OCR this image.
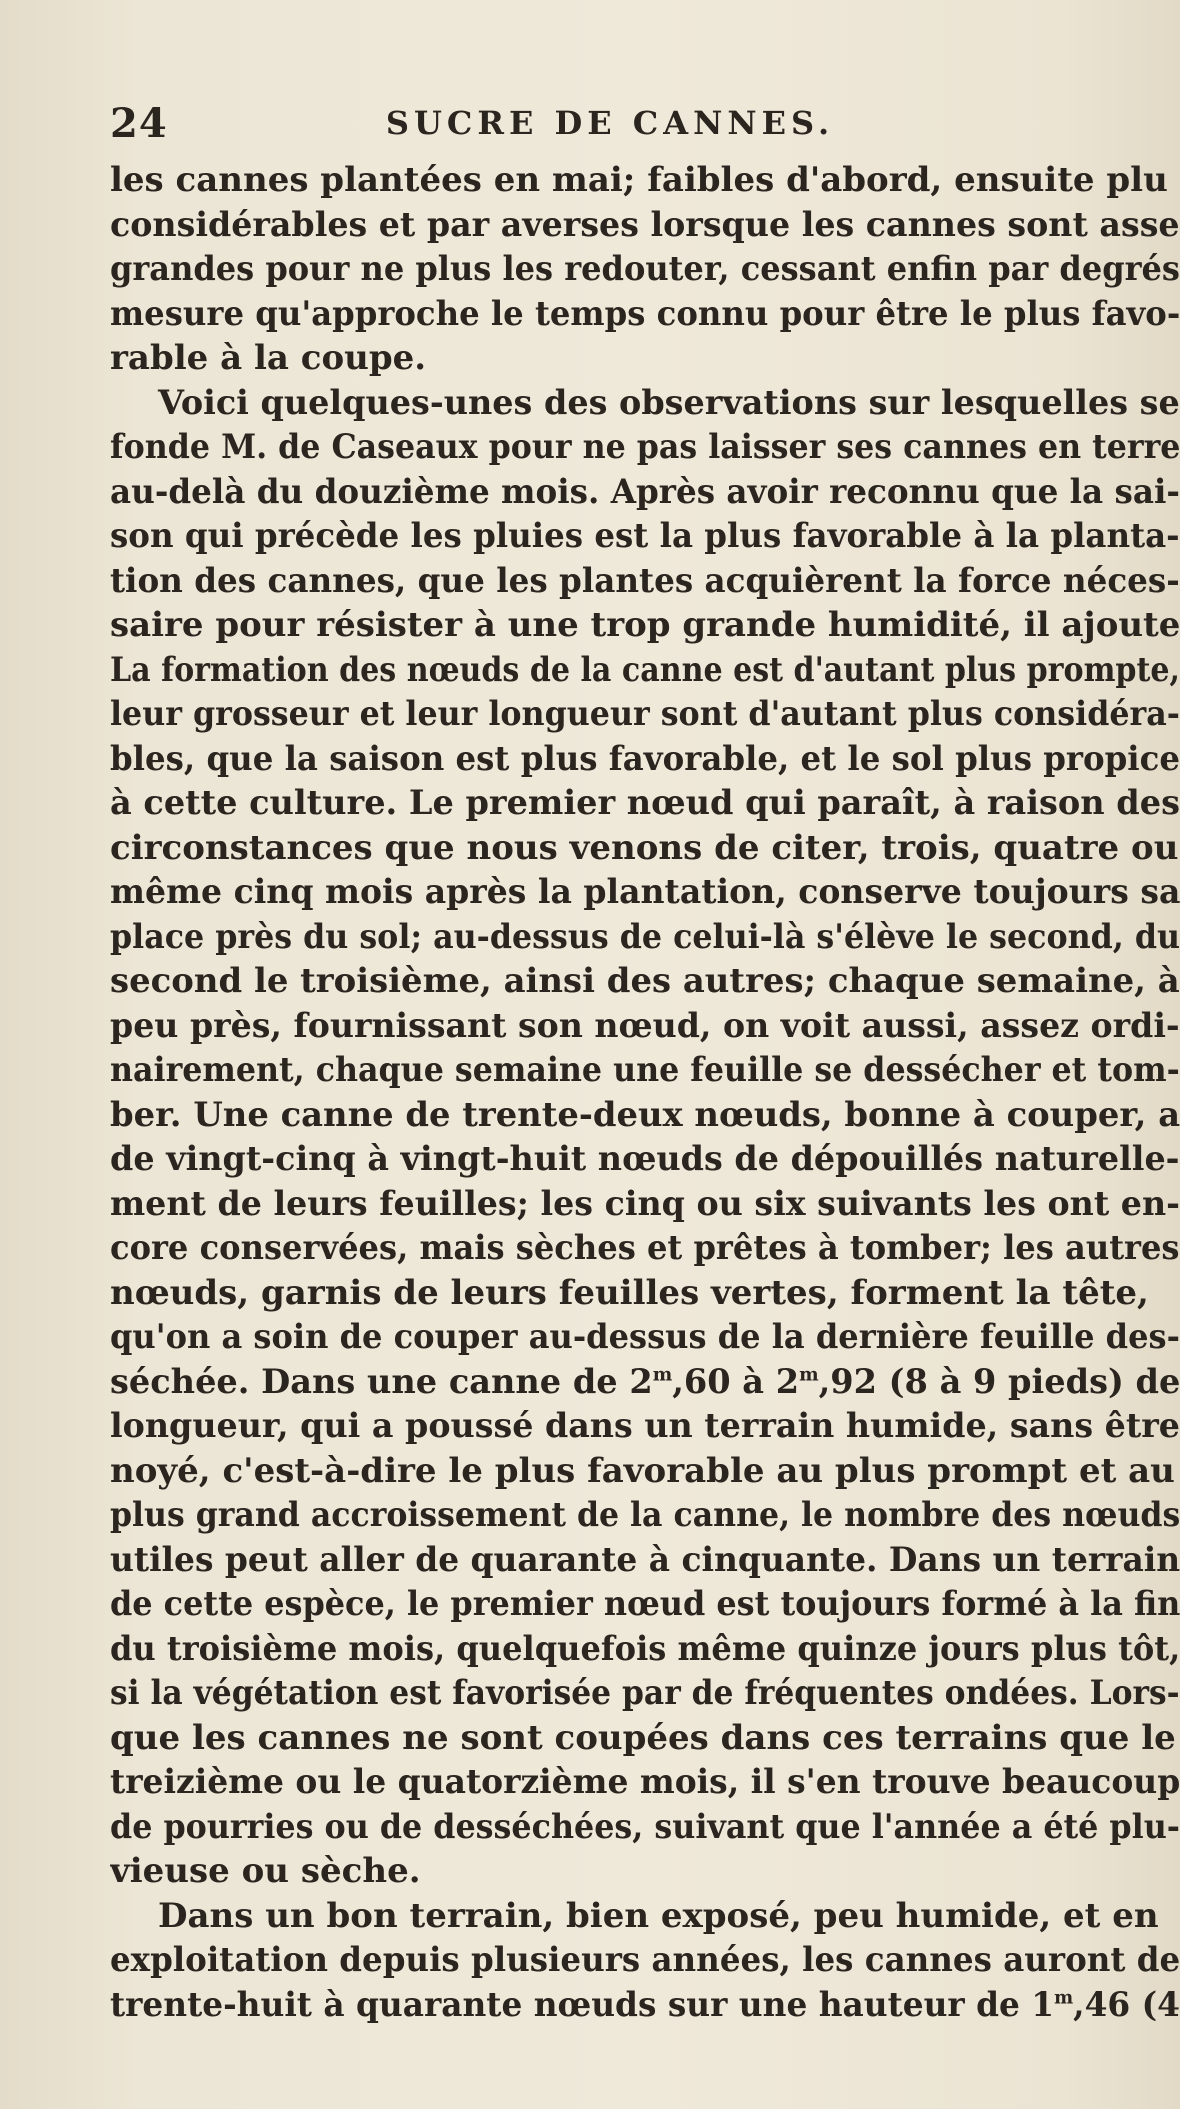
24	SUCRE DE CANNES.
les cannes plantées en mai; faibles d'abord, ensuite plu
considérables et par averses lorsque les cannes sont asse
grandes pour ne plus les redouter, cessant enfin par degrés
mesure qu'approche le temps connu pour être le plus favo-
rable à la coupe.
Voici quelques-unes des observations sur lesquelles se
fonde M. de Caseaux pour ne pas laisser ses cannes en terre
au-delà du douzième mois. Après avoir reconnu que la sai-
son qui précède les pluies est la plus favorable à la planta-
tion des cannes, que les plantes acquièrent la force néces-
saire pour résister à une trop grande humidité, il ajoute
La formation des nœuds de la canne est d'autant plus prompte,
leur grosseur et leur longueur sont d'autant plus considéra-
bles, que la saison est plus favorable, et le sol plus propice
à cette culture. Le premier nœud qui paraît, à raison des
circonstances que nous venons de citer, trois, quatre ou
même cinq mois après la plantation, conserve toujours sa
place près du sol; au-dessus de celui-là s'élève le second, du
second le troisième, ainsi des autres; chaque semaine, à
peu près, fournissant son nœud, on voit aussi, assez ordi-
nairement, chaque semaine une feuille se dessécher et tom-
ber. Une canne de trente-deux nœuds, bonne à couper, a
de vingt-cinq à vingt-huit nœuds de dépouillés naturelle-
ment de leurs feuilles; les cinq ou six suivants les ont en-
core conservées, mais sèches et prêtes à tomber; les autres
nœuds, garnis de leurs feuilles vertes, forment la tête,
qu'on a soin de couper au-dessus de la dernière feuille des-
séchée. Dans une canne de 2$^m$,60 à 2$^m$,92 (8 à 9 pieds) de
longueur, qui a poussé dans un terrain humide, sans être
noyé, c'est-à-dire le plus favorable au plus prompt et au
plus grand accroissement de la canne, le nombre des nœuds
utiles peut aller de quarante à cinquante. Dans un terrain
de cette espèce, le premier nœud est toujours formé à la fin
du troisième mois, quelquefois même quinze jours plus tôt,
si la végétation est favorisée par de fréquentes ondées. Lors-
que les cannes ne sont coupées dans ces terrains que le
treizième ou le quatorzième mois, il s'en trouve beaucoup
de pourries ou de desséchées, suivant que l'année a été plu-
vieuse ou sèche.
Dans un bon terrain, bien exposé, peu humide, et en
exploitation depuis plusieurs années, les cannes auront de
trente-huit à quarante nœuds sur une hauteur de 1$^m$,46 (4
